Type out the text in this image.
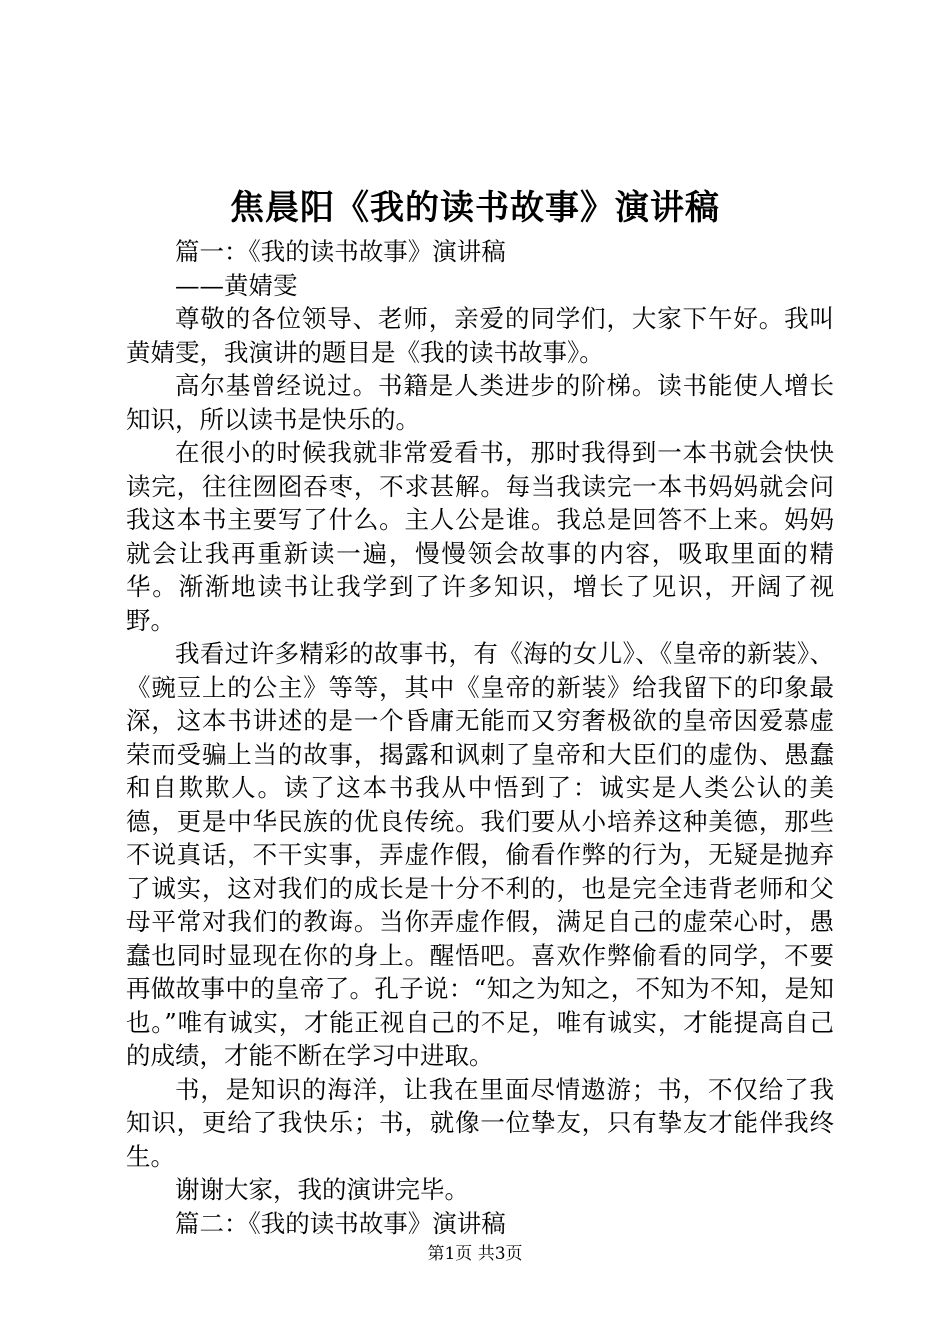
焦晨阳《我的读书故事》演讲稿

篇一：《我的读书故事》演讲稿

——黄婧雯

尊敬的各位领导、老师，亲爱的同学们，大家下午好。我叫黄婧雯，我演讲的题目是《我的读书故事》。

高尔基曾经说过。书籍是人类进步的阶梯。读书能使人增长知识，所以读书是快乐的。

在很小的时候我就非常爱看书，那时我得到一本书就会快快读完，往往囫囵吞枣，不求甚解。每当我读完一本书妈妈就会问我这本书主要写了什么。主人公是谁。我总是回答不上来。妈妈就会让我再重新读一遍，慢慢领会故事的内容，吸取里面的精华。渐渐地读书让我学到了许多知识，增长了见识，开阔了视野。

我看过许多精彩的故事书，有《海的女儿》、《皇帝的新装》、《豌豆上的公主》等等，其中《皇帝的新装》给我留下的印象最深，这本书讲述的是一个昏庸无能而又穷奢极欲的皇帝因爱慕虚荣而受骗上当的故事，揭露和讽刺了皇帝和大臣们的虚伪、愚蠢和自欺欺人。读了这本书我从中悟到了：诚实是人类公认的美德，更是中华民族的优良传统。我们要从小培养这种美德，那些不说真话，不干实事，弄虚作假，偷看作弊的行为，无疑是抛弃了诚实，这对我们的成长是十分不利的，也是完全违背老师和父母平常对我们的教诲。当你弄虚作假，满足自己的虚荣心时，愚蠢也同时显现在你的身上。醒悟吧。喜欢作弊偷看的同学，不要再做故事中的皇帝了。孔子说：“知之为知之，不知为不知，是知也。”唯有诚实，才能正视自己的不足，唯有诚实，才能提高自己的成绩，才能不断在学习中进取。

书，是知识的海洋，让我在里面尽情遨游；书，不仅给了我知识，更给了我快乐；书，就像一位挚友，只有挚友才能伴我终生。

谢谢大家，我的演讲完毕。

篇二：《我的读书故事》演讲稿

第1页 共3页
